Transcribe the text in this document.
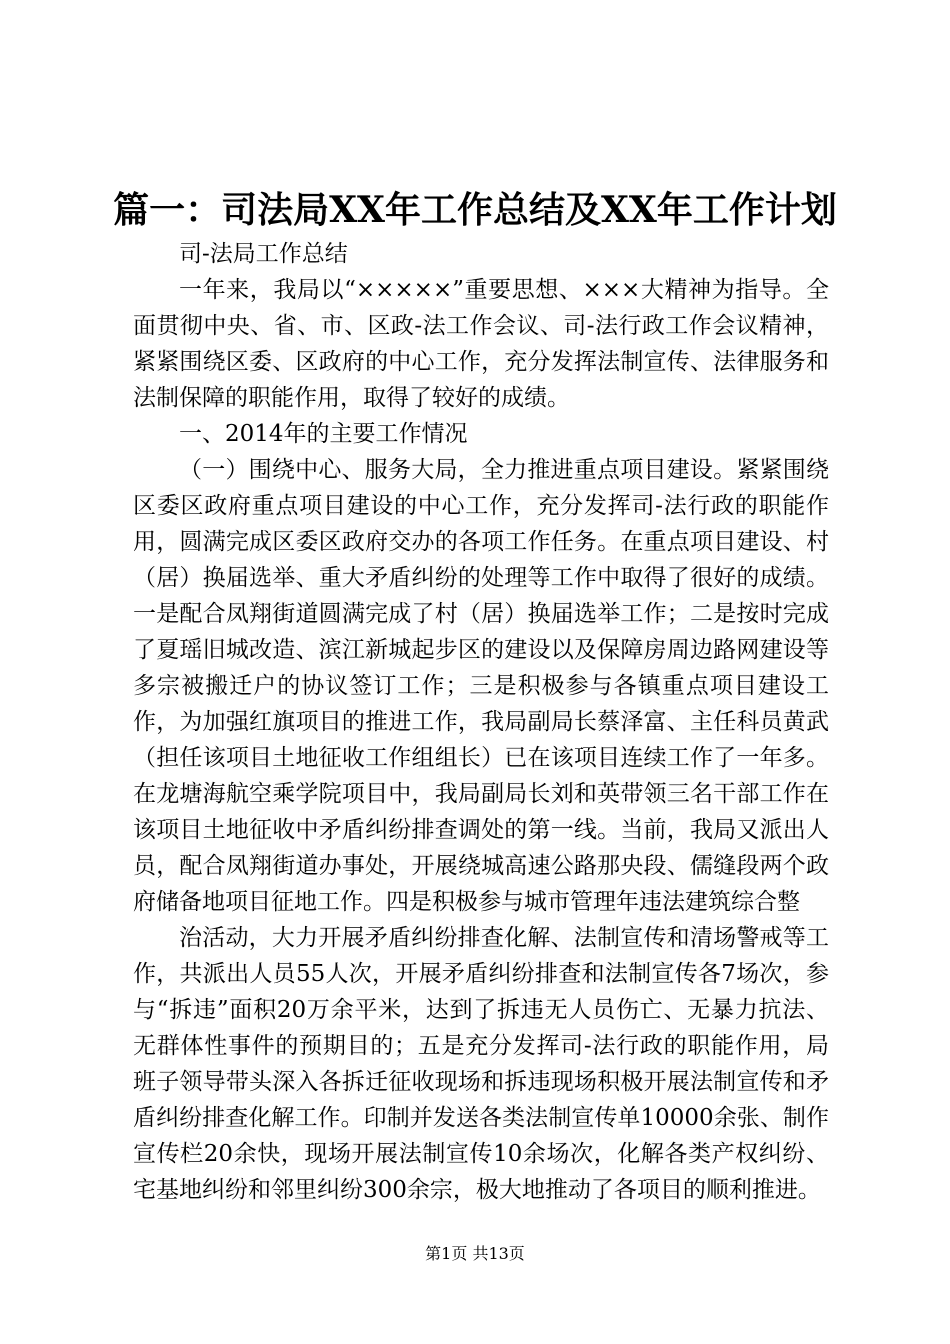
篇一：司法局XX年工作总结及XX年工作计划

司-法局工作总结

一年来，我局以“×××××”重要思想、×××大精神为指导。全面贯彻中央、省、市、区政-法工作会议、司-法行政工作会议精神，紧紧围绕区委、区政府的中心工作，充分发挥法制宣传、法律服务和法制保障的职能作用，取得了较好的成绩。

一、2014年的主要工作情况

（一）围绕中心、服务大局，全力推进重点项目建设。紧紧围绕区委区政府重点项目建设的中心工作，充分发挥司-法行政的职能作用，圆满完成区委区政府交办的各项工作任务。在重点项目建设、村（居）换届选举、重大矛盾纠纷的处理等工作中取得了很好的成绩。一是配合凤翔街道圆满完成了村（居）换届选举工作；二是按时完成了夏瑶旧城改造、滨江新城起步区的建设以及保障房周边路网建设等多宗被搬迁户的协议签订工作；三是积极参与各镇重点项目建设工作，为加强红旗项目的推进工作，我局副局长蔡泽富、主任科员黄武（担任该项目土地征收工作组组长）已在该项目连续工作了一年多。在龙塘海航空乘学院项目中，我局副局长刘和英带领三名干部工作在该项目土地征收中矛盾纠纷排查调处的第一线。当前，我局又派出人员，配合凤翔街道办事处，开展绕城高速公路那央段、儒缝段两个政府储备地项目征地工作。四是积极参与城市管理年违法建筑综合整

治活动，大力开展矛盾纠纷排查化解、法制宣传和清场警戒等工作，共派出人员55人次，开展矛盾纠纷排查和法制宣传各7场次，参与“拆违”面积20万余平米，达到了拆违无人员伤亡、无暴力抗法、无群体性事件的预期目的；五是充分发挥司-法行政的职能作用，局班子领导带头深入各拆迁征收现场和拆违现场积极开展法制宣传和矛盾纠纷排查化解工作。印制并发送各类法制宣传单10000余张、制作宣传栏20余快，现场开展法制宣传10余场次，化解各类产权纠纷、宅基地纠纷和邻里纠纷300余宗，极大地推动了各项目的顺利推进。

第1页 共13页
